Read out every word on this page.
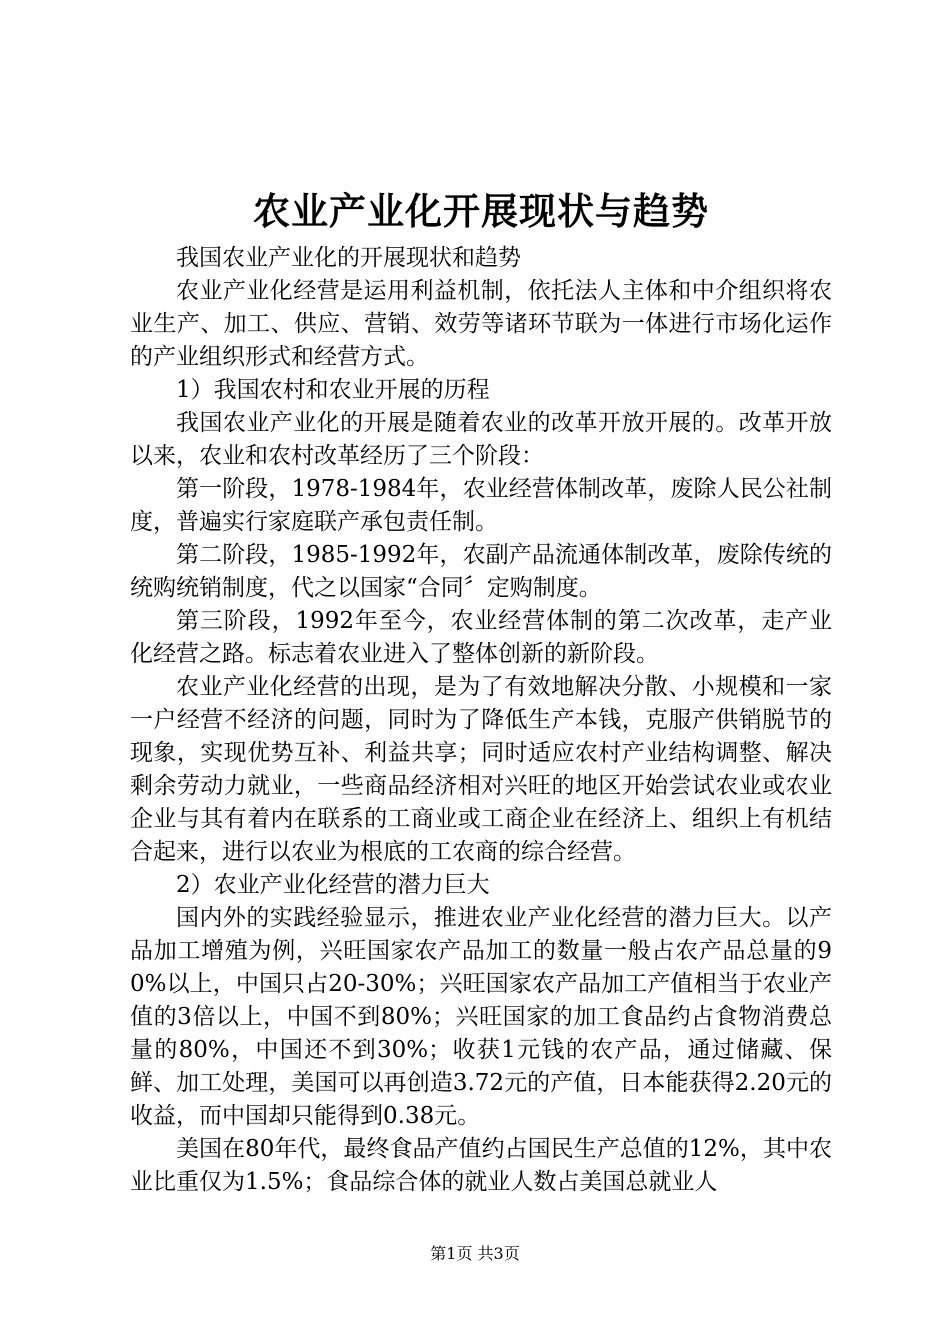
农业产业化开展现状与趋势

我国农业产业化的开展现状和趋势

农业产业化经营是运用利益机制，依托法人主体和中介组织将农业生产、加工、供应、营销、效劳等诸环节联为一体进行市场化运作的产业组织形式和经营方式。

1）我国农村和农业开展的历程

我国农业产业化的开展是随着农业的改革开放开展的。改革开放以来，农业和农村改革经历了三个阶段：

第一阶段，1978-1984年，农业经营体制改革，废除人民公社制度，普遍实行家庭联产承包责任制。

第二阶段，1985-1992年，农副产品流通体制改革，废除传统的统购统销制度，代之以国家“合同〞定购制度。

第三阶段，1992年至今，农业经营体制的第二次改革，走产业化经营之路。标志着农业进入了整体创新的新阶段。

农业产业化经营的出现，是为了有效地解决分散、小规模和一家一户经营不经济的问题，同时为了降低生产本钱，克服产供销脱节的现象，实现优势互补、利益共享；同时适应农村产业结构调整、解决剩余劳动力就业，一些商品经济相对兴旺的地区开始尝试农业或农业企业与其有着内在联系的工商业或工商企业在经济上、组织上有机结合起来，进行以农业为根底的工农商的综合经营。

2）农业产业化经营的潜力巨大

国内外的实践经验显示，推进农业产业化经营的潜力巨大。以产品加工增殖为例，兴旺国家农产品加工的数量一般占农产品总量的90%以上，中国只占20-30%；兴旺国家农产品加工产值相当于农业产值的3倍以上，中国不到80%；兴旺国家的加工食品约占食物消费总量的80%，中国还不到30%；收获1元钱的农产品，通过储藏、保鲜、加工处理，美国可以再创造3.72元的产值，日本能获得2.20元的收益，而中国却只能得到0.38元。

美国在80年代，最终食品产值约占国民生产总值的12%，其中农业比重仅为1.5%；食品综合体的就业人数占美国总就业人

第1页 共3页
